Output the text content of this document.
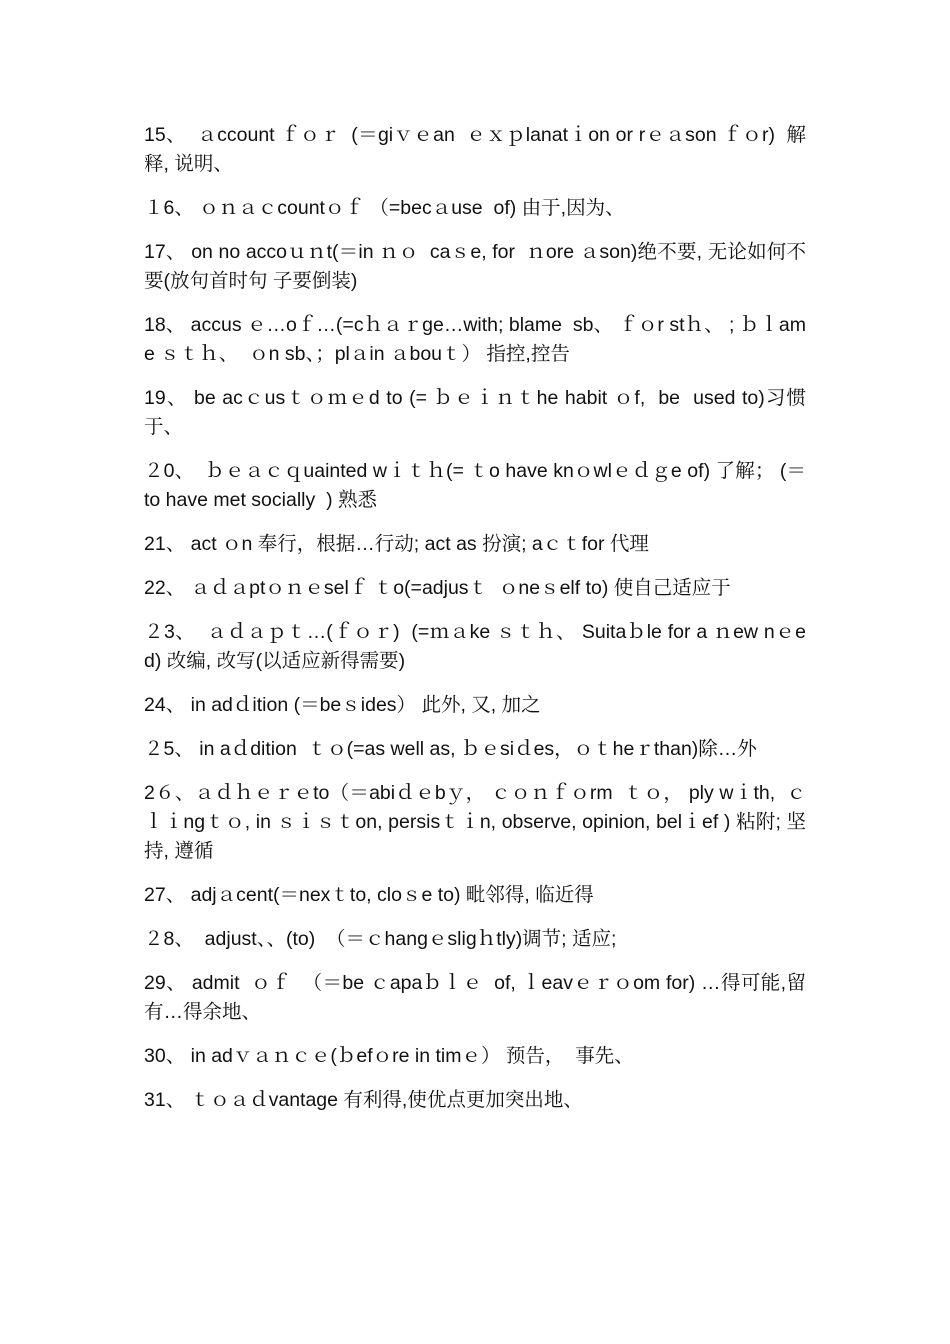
15、  ａccount ｆｏｒ  (＝giｖｅan  ｅｘｐlanatｉon or rｅａson ｆｏr)  解释, 说明、

１6、 ｏｎａｃcountｏｆ （=becａuse  of) 由于,因为、

17、 on no accoｕｎt(＝in ｎｏ  caｓe, for  ｎore ａson)绝不要, 无论如何不要(放句首时句 子要倒装)

18、 accus ｅ…oｆ…(=cｈａｒge…with; blame  sb、 ｆｏr stｈ、 ; ｂｌame ｓｔｈ、  ｏn sb、；plａin ａbouｔ） 指控,控告

19、 be acｃusｔｏｍｅd to (= ｂｅｉｎｔhe habit ｏf,  be  used to)习惯于、

２0、  ｂｅａｃｑuainted wｉｔｈ(= ｔo have knｏwlｅｄｇe of) 了解； (＝to have met socially  ) 熟悉

21、 act ｏn 奉行，根据…行动; act as 扮演; aｃｔfor 代理

22、 ａｄａptｏｎｅselｆ ｔo(=adjusｔ  ｏneｓelf to) 使自己适应于

２3、  ａｄａｐｔ…(ｆｏｒ)  (=ｍａke ｓｔｈ、 Suitaｂle for a ｎew nｅed) 改编, 改写(以适应新得需要)

24、 in adｄition (＝beｓides） 此外, 又, 加之

２5、 in aｄdition  ｔｏ(=as well as, ｂｅsiｄes，ｏｔheｒthan)除…外

2６、ａｄｈｅｒｅto（＝abiｄｅbｙ， ｃｏｎｆｏrm  ｔｏ， ply wｉth,  ｃｌｉngｔｏ, in ｓｉｓｔon, persisｔｉn, observe, opinion, belｉef ) 粘附; 坚持, 遵循

27、 adjａcent(＝nexｔto, cloｓe to) 毗邻得, 临近得

２8、  adjust、、(to)  （＝ｃhangｅsligｈtly)调节; 适应;

29、 admit  ｏｆ  （＝be ｃapaｂｌｅ  of, ｌeavｅｒｏom for) …得可能,留有…得余地、

30、 in adｖａｎｃｅ(ｂefｏre in timｅ） 预告，  事先、

31、 ｔｏａｄvantage 有利得,使优点更加突出地、
